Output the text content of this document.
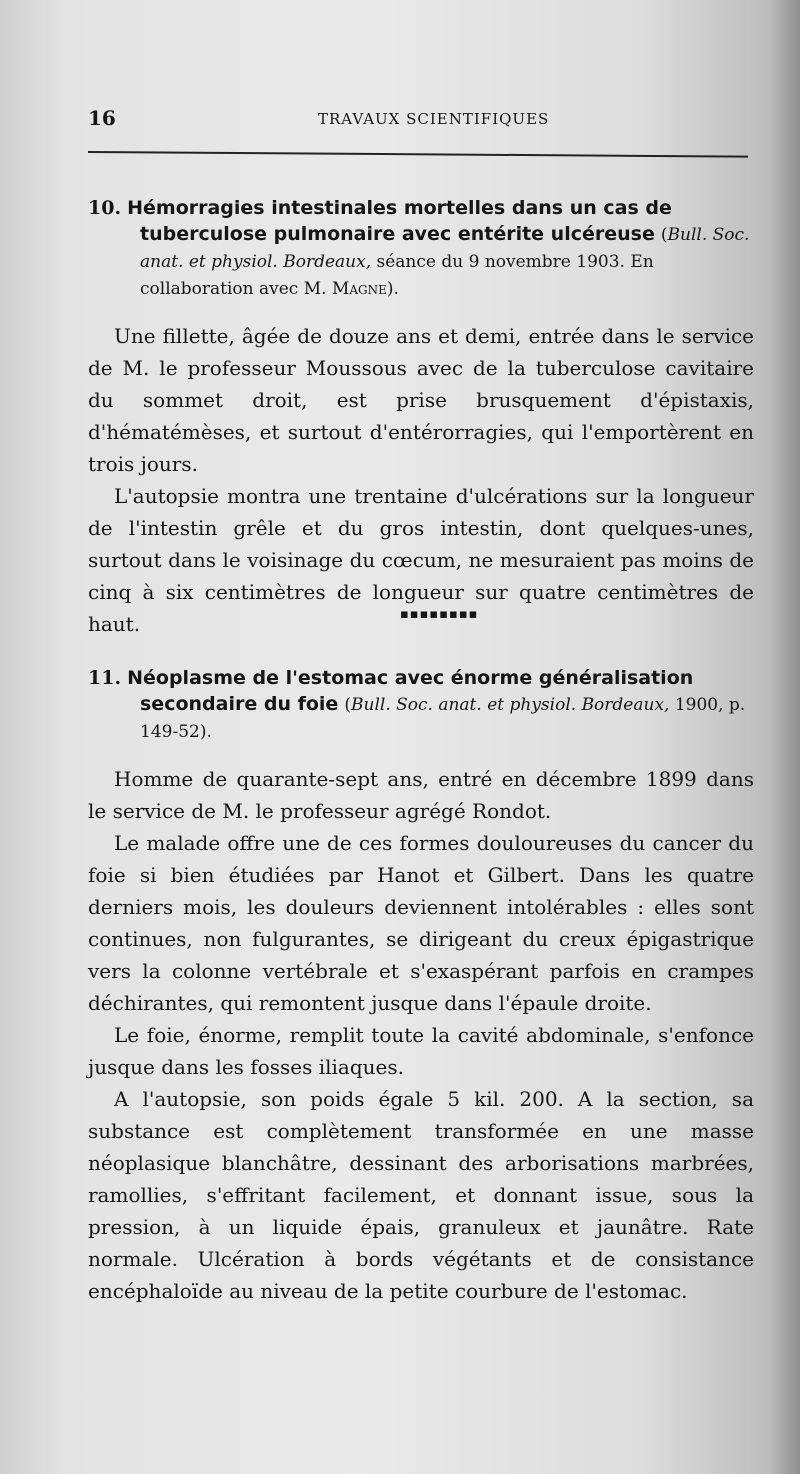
16	TRAVAUX SCIENTIFIQUES

10. Hémorragies intestinales mortelles dans un cas de tuberculose pulmonaire avec entérite ulcéreuse (Bull. Soc. anat. et physiol. Bordeaux, séance du 9 novembre 1903. En collaboration avec M. Magne).

Une fillette, âgée de douze ans et demi, entrée dans le service de M. le professeur Moussous avec de la tuberculose cavitaire du sommet droit, est prise brusquement d'épistaxis, d'hématémèses, et surtout d'entérorragies, qui l'emportèrent en trois jours.

L'autopsie montra une trentaine d'ulcérations sur la longueur de l'intestin grêle et du gros intestin, dont quelques-unes, surtout dans le voisinage du cœcum, ne mesuraient pas moins de cinq à six centimètres de longueur sur quatre centimètres de haut.	▪▪▪▪▪▪▪▪

11. Néoplasme de l'estomac avec énorme généralisation secondaire du foie (Bull. Soc. anat. et physiol. Bordeaux, 1900, p. 149-52).

Homme de quarante-sept ans, entré en décembre 1899 dans le service de M. le professeur agrégé Rondot.

Le malade offre une de ces formes douloureuses du cancer du foie si bien étudiées par Hanot et Gilbert. Dans les quatre derniers mois, les douleurs deviennent intolérables : elles sont continues, non fulgurantes, se dirigeant du creux épigastrique vers la colonne vertébrale et s'exaspérant parfois en crampes déchirantes, qui remontent jusque dans l'épaule droite.

Le foie, énorme, remplit toute la cavité abdominale, s'enfonce jusque dans les fosses iliaques.

A l'autopsie, son poids égale 5 kil. 200. A la section, sa substance est complètement transformée en une masse néoplasique blanchâtre, dessinant des arborisations marbrées, ramollies, s'effritant facilement, et donnant issue, sous la pression, à un liquide épais, granuleux et jaunâtre. Rate normale. Ulcération à bords végétants et de consistance encéphaloïde au niveau de la petite courbure de l'estomac.
